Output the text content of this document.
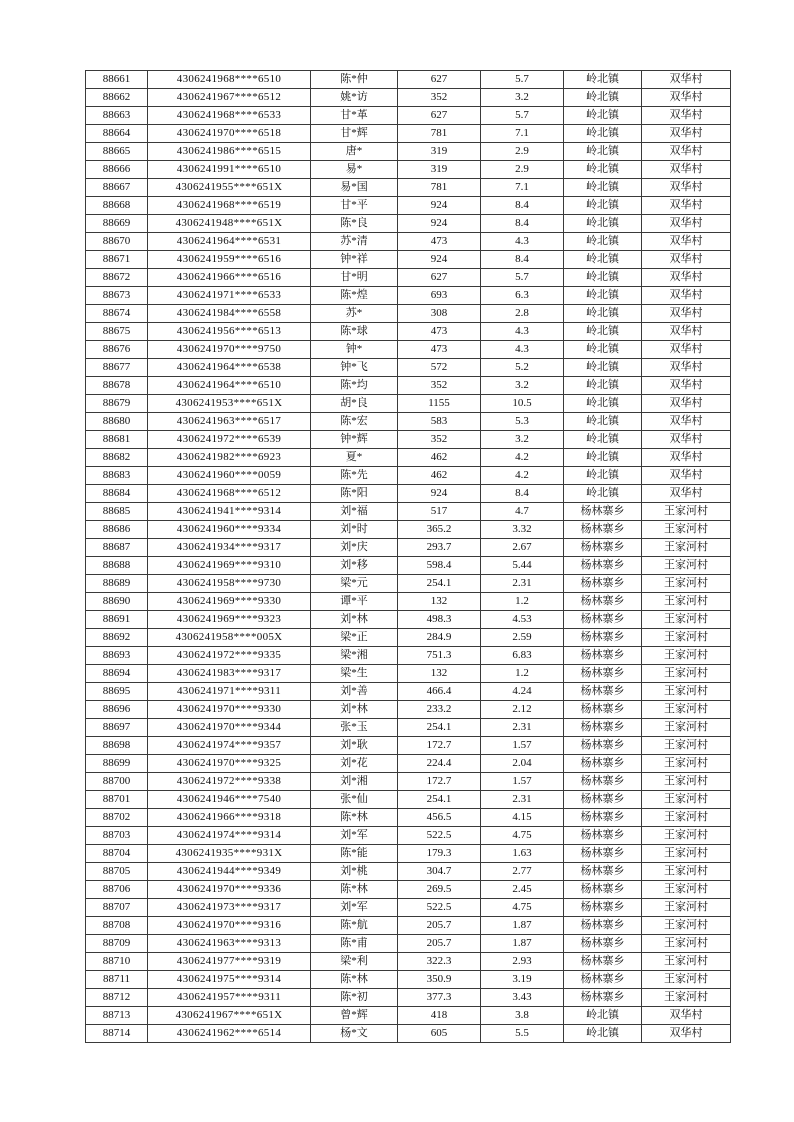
88661	4306241968****6510	陈*仲	627	5.7	岭北镇	双华村
88662	4306241967****6512	姚*访	352	3.2	岭北镇	双华村
88663	4306241968****6533	甘*革	627	5.7	岭北镇	双华村
88664	4306241970****6518	甘*辉	781	7.1	岭北镇	双华村
88665	4306241986****6515	唐*	319	2.9	岭北镇	双华村
88666	4306241991****6510	易*	319	2.9	岭北镇	双华村
88667	4306241955****651X	易*国	781	7.1	岭北镇	双华村
88668	4306241968****6519	甘*平	924	8.4	岭北镇	双华村
88669	4306241948****651X	陈*良	924	8.4	岭北镇	双华村
88670	4306241964****6531	苏*清	473	4.3	岭北镇	双华村
88671	4306241959****6516	钟*祥	924	8.4	岭北镇	双华村
88672	4306241966****6516	甘*明	627	5.7	岭北镇	双华村
88673	4306241971****6533	陈*煌	693	6.3	岭北镇	双华村
88674	4306241984****6558	苏*	308	2.8	岭北镇	双华村
88675	4306241956****6513	陈*球	473	4.3	岭北镇	双华村
88676	4306241970****9750	钟*	473	4.3	岭北镇	双华村
88677	4306241964****6538	钟*飞	572	5.2	岭北镇	双华村
88678	4306241964****6510	陈*均	352	3.2	岭北镇	双华村
88679	4306241953****651X	胡*良	1155	10.5	岭北镇	双华村
88680	4306241963****6517	陈*宏	583	5.3	岭北镇	双华村
88681	4306241972****6539	钟*辉	352	3.2	岭北镇	双华村
88682	4306241982****6923	夏*	462	4.2	岭北镇	双华村
88683	4306241960****0059	陈*先	462	4.2	岭北镇	双华村
88684	4306241968****6512	陈*阳	924	8.4	岭北镇	双华村
88685	4306241941****9314	刘*福	517	4.7	杨林寨乡	王家河村
88686	4306241960****9334	刘*时	365.2	3.32	杨林寨乡	王家河村
88687	4306241934****9317	刘*庆	293.7	2.67	杨林寨乡	王家河村
88688	4306241969****9310	刘*移	598.4	5.44	杨林寨乡	王家河村
88689	4306241958****9730	梁*元	254.1	2.31	杨林寨乡	王家河村
88690	4306241969****9330	谭*平	132	1.2	杨林寨乡	王家河村
88691	4306241969****9323	刘*林	498.3	4.53	杨林寨乡	王家河村
88692	4306241958****005X	梁*正	284.9	2.59	杨林寨乡	王家河村
88693	4306241972****9335	梁*湘	751.3	6.83	杨林寨乡	王家河村
88694	4306241983****9317	梁*生	132	1.2	杨林寨乡	王家河村
88695	4306241971****9311	刘*善	466.4	4.24	杨林寨乡	王家河村
88696	4306241970****9330	刘*林	233.2	2.12	杨林寨乡	王家河村
88697	4306241970****9344	张*玉	254.1	2.31	杨林寨乡	王家河村
88698	4306241974****9357	刘*耿	172.7	1.57	杨林寨乡	王家河村
88699	4306241970****9325	刘*花	224.4	2.04	杨林寨乡	王家河村
88700	4306241972****9338	刘*湘	172.7	1.57	杨林寨乡	王家河村
88701	4306241946****7540	张*仙	254.1	2.31	杨林寨乡	王家河村
88702	4306241966****9318	陈*林	456.5	4.15	杨林寨乡	王家河村
88703	4306241974****9314	刘*军	522.5	4.75	杨林寨乡	王家河村
88704	4306241935****931X	陈*能	179.3	1.63	杨林寨乡	王家河村
88705	4306241944****9349	刘*桃	304.7	2.77	杨林寨乡	王家河村
88706	4306241970****9336	陈*林	269.5	2.45	杨林寨乡	王家河村
88707	4306241973****9317	刘*军	522.5	4.75	杨林寨乡	王家河村
88708	4306241970****9316	陈*航	205.7	1.87	杨林寨乡	王家河村
88709	4306241963****9313	陈*甫	205.7	1.87	杨林寨乡	王家河村
88710	4306241977****9319	梁*利	322.3	2.93	杨林寨乡	王家河村
88711	4306241975****9314	陈*林	350.9	3.19	杨林寨乡	王家河村
88712	4306241957****9311	陈*初	377.3	3.43	杨林寨乡	王家河村
88713	4306241967****651X	曾*辉	418	3.8	岭北镇	双华村
88714	4306241962****6514	杨*文	605	5.5	岭北镇	双华村
